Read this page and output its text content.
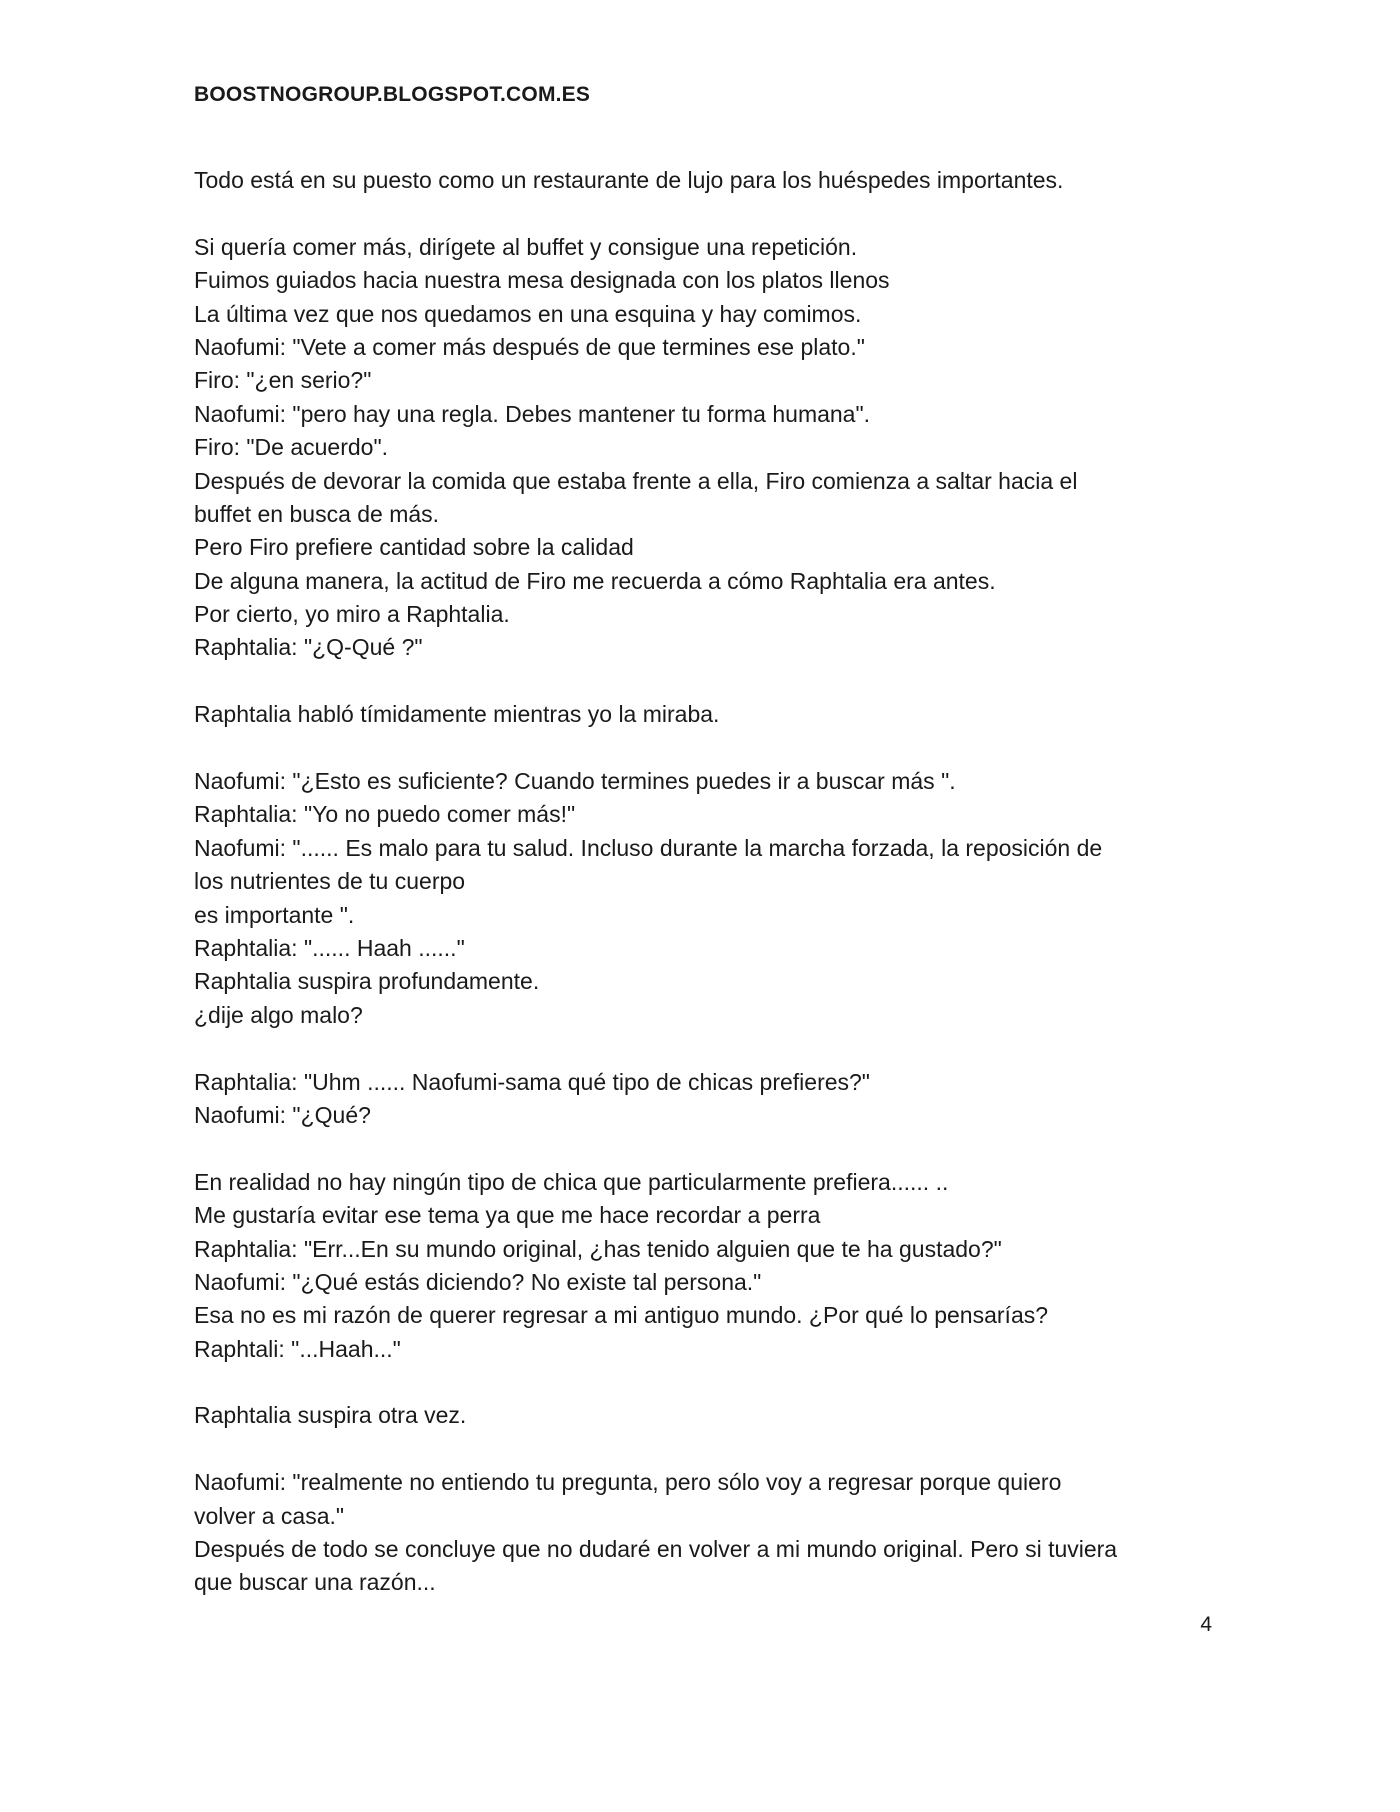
BOOSTNOGROUP.BLOGSPOT.COM.ES
Todo está en su puesto como un restaurante de lujo para los huéspedes importantes.
Si quería comer más, dirígete al buffet y consigue una repetición.
Fuimos guiados hacia nuestra mesa designada con los platos llenos
La última vez que nos quedamos en una esquina y hay comimos.
Naofumi: "Vete a comer más después de que termines ese plato."
Firo: "¿en serio?"
Naofumi: "pero hay una regla. Debes mantener tu forma humana".
Firo: "De acuerdo".
Después de devorar la comida que estaba frente a ella, Firo comienza a saltar hacia el
buffet en busca de más.
Pero Firo prefiere cantidad sobre la calidad
De alguna manera, la actitud de Firo me recuerda a cómo Raphtalia era antes.
Por cierto, yo miro a Raphtalia.
Raphtalia: "¿Q-Qué ?"
Raphtalia habló tímidamente mientras yo la miraba.
Naofumi: "¿Esto es suficiente? Cuando termines puedes ir a buscar más ".
Raphtalia: "Yo no puedo comer más!"
Naofumi: "...... Es malo para tu salud. Incluso durante la marcha forzada, la reposición de
los nutrientes de tu cuerpo
es importante ".
Raphtalia: "...... Haah ......"
Raphtalia suspira profundamente.
¿dije algo malo?
Raphtalia: "Uhm ...... Naofumi-sama qué tipo de chicas prefieres?"
Naofumi: "¿Qué?
En realidad no hay ningún tipo de chica que particularmente prefiera...... ..
Me gustaría evitar ese tema ya que me hace recordar a perra
Raphtalia: "Err...En su mundo original, ¿has tenido alguien que te ha gustado?"
Naofumi: "¿Qué estás diciendo? No existe tal persona."
Esa no es mi razón de querer regresar a mi antiguo mundo. ¿Por qué lo pensarías?
Raphtali: "...Haah..."
Raphtalia suspira otra vez.
Naofumi: "realmente no entiendo tu pregunta, pero sólo voy a regresar porque quiero
volver a casa."
Después de todo se concluye que no dudaré en volver a mi mundo original. Pero si tuviera
que buscar una razón...
4
